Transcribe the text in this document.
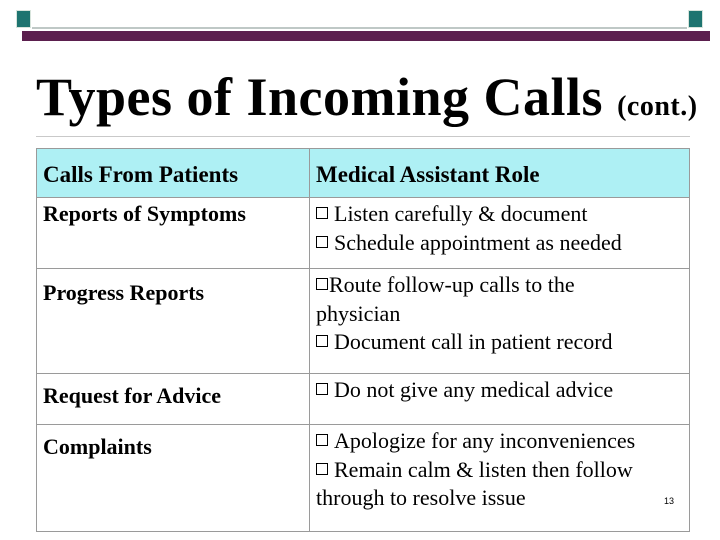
Types of Incoming Calls (cont.)
Calls From Patients	Medical Assistant Role
Reports of Symptoms	Listen carefully & document
Schedule appointment as needed

Progress Reports	Route follow-up calls to the
physician
Document call in patient record

Request for Advice	Do not give any medical advice

Complaints	Apologize for any inconveniences
Remain calm & listen then follow
through to resolve issue	13
